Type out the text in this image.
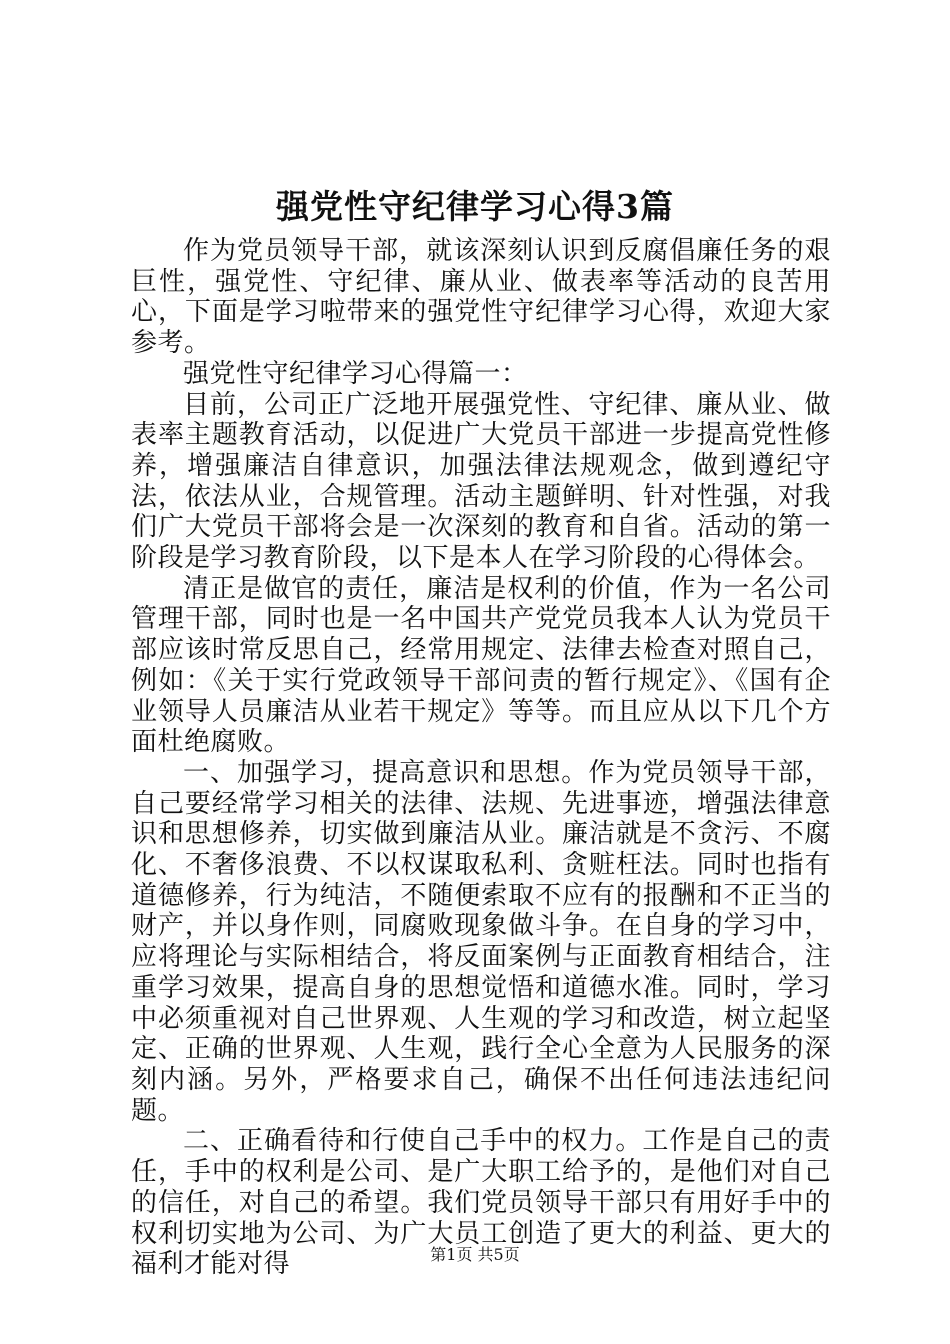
强党性守纪律学习心得3篇

作为党员领导干部，就该深刻认识到反腐倡廉任务的艰巨性，强党性、守纪律、廉从业、做表率等活动的良苦用心，下面是学习啦带来的强党性守纪律学习心得，欢迎大家参考。

强党性守纪律学习心得篇一：

目前，公司正广泛地开展强党性、守纪律、廉从业、做表率主题教育活动，以促进广大党员干部进一步提高党性修养，增强廉洁自律意识，加强法律法规观念，做到遵纪守法，依法从业，合规管理。活动主题鲜明、针对性强，对我们广大党员干部将会是一次深刻的教育和自省。活动的第一阶段是学习教育阶段，以下是本人在学习阶段的心得体会。

清正是做官的责任，廉洁是权利的价值，作为一名公司管理干部，同时也是一名中国共产党党员我本人认为党员干部应该时常反思自己，经常用规定、法律去检查对照自己，例如：《关于实行党政领导干部问责的暂行规定》、《国有企业领导人员廉洁从业若干规定》等等。而且应从以下几个方面杜绝腐败。

一、加强学习，提高意识和思想。作为党员领导干部，自己要经常学习相关的法律、法规、先进事迹，增强法律意识和思想修养，切实做到廉洁从业。廉洁就是不贪污、不腐化、不奢侈浪费、不以权谋取私利、贪赃枉法。同时也指有道德修养，行为纯洁，不随便索取不应有的报酬和不正当的财产，并以身作则，同腐败现象做斗争。在自身的学习中，应将理论与实际相结合，将反面案例与正面教育相结合，注重学习效果，提高自身的思想觉悟和道德水准。同时，学习中必须重视对自己世界观、人生观的学习和改造，树立起坚定、正确的世界观、人生观，践行全心全意为人民服务的深刻内涵。另外，严格要求自己，确保不出任何违法违纪问题。

二、正确看待和行使自己手中的权力。工作是自己的责任，手中的权利是公司、是广大职工给予的，是他们对自己的信任，对自己的希望。我们党员领导干部只有用好手中的权利切实地为公司、为广大员工创造了更大的利益、更大的福利才能对得	第1页 共5页
